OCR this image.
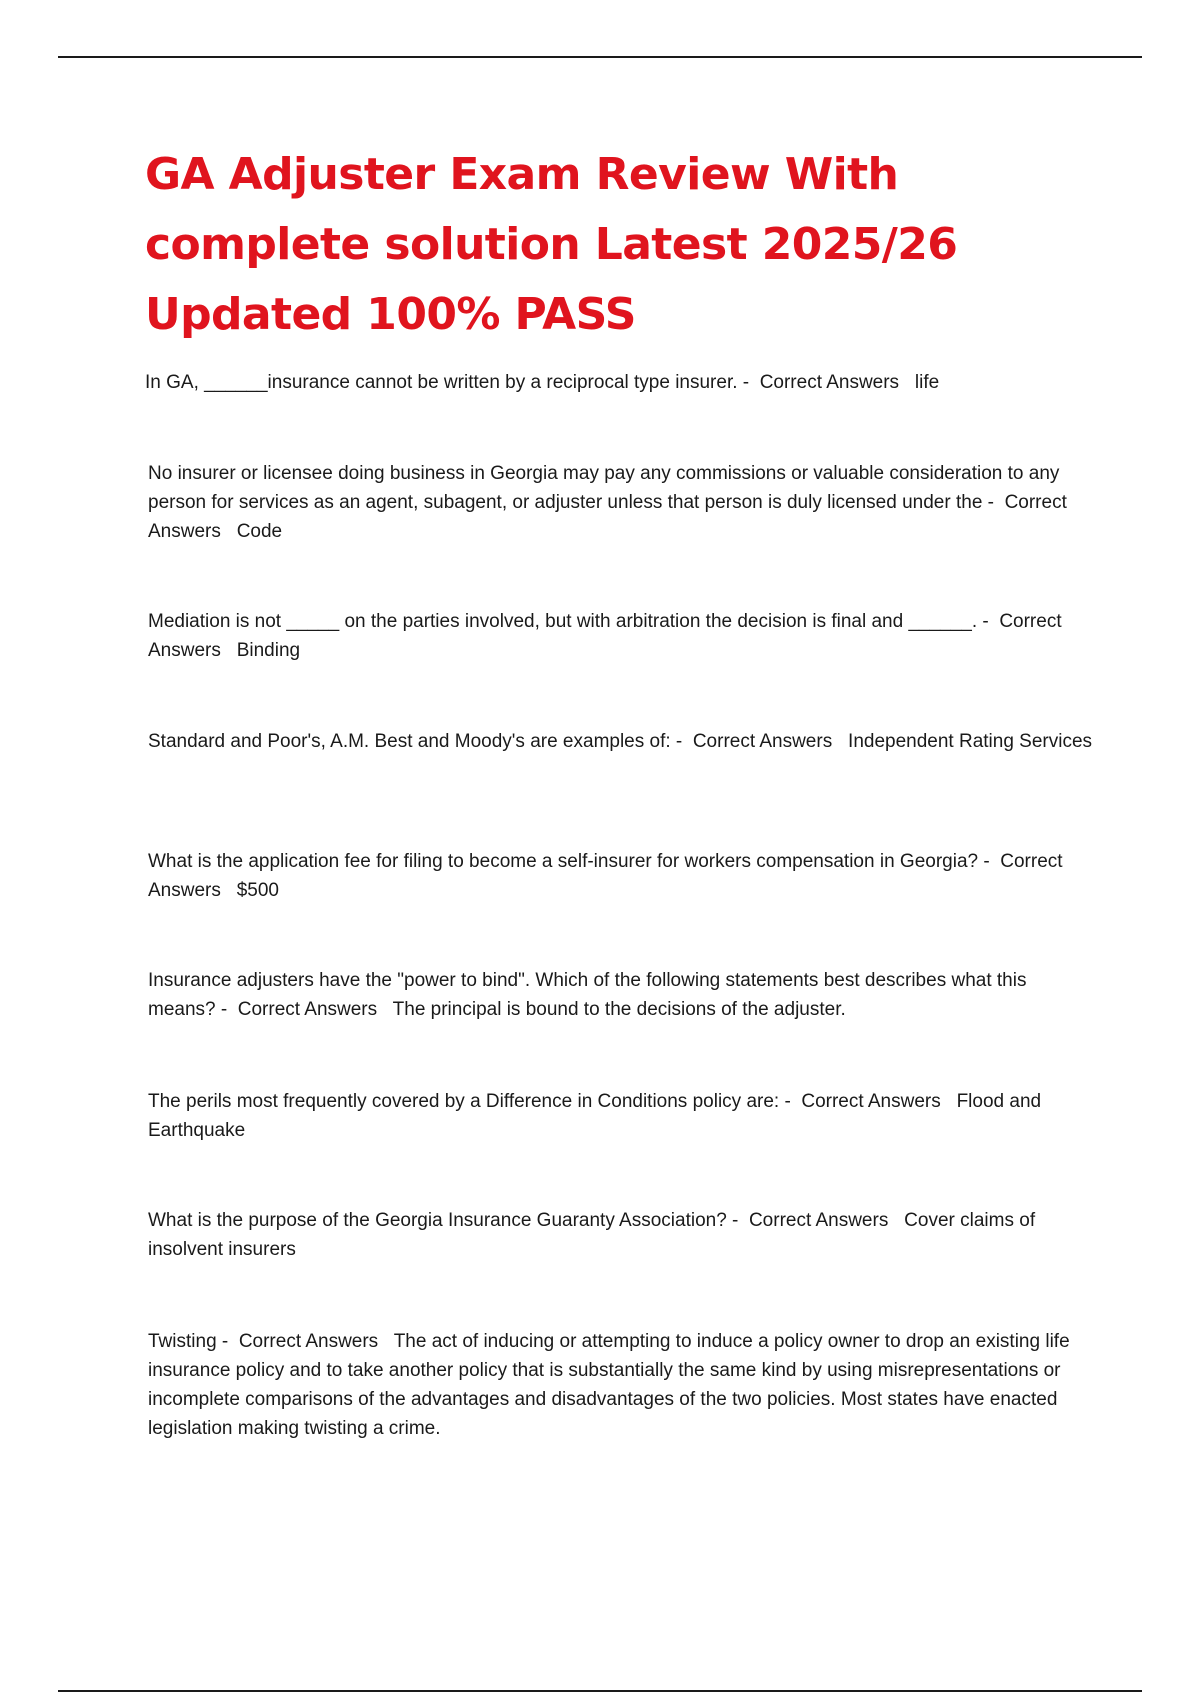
GA Adjuster Exam Review With complete solution Latest 2025/26 Updated 100% PASS

In GA, ______insurance cannot be written by a reciprocal type insurer. - Correct Answers life

No insurer or licensee doing business in Georgia may pay any commissions or valuable consideration to any person for services as an agent, subagent, or adjuster unless that person is duly licensed under the - Correct Answers Code

Mediation is not _____ on the parties involved, but with arbitration the decision is final and ______. - Correct Answers Binding

Standard and Poor's, A.M. Best and Moody's are examples of: - Correct Answers Independent Rating Services

What is the application fee for filing to become a self-insurer for workers compensation in Georgia? - Correct Answers $500

Insurance adjusters have the "power to bind". Which of the following statements best describes what this means? - Correct Answers The principal is bound to the decisions of the adjuster.

The perils most frequently covered by a Difference in Conditions policy are: - Correct Answers Flood and Earthquake

What is the purpose of the Georgia Insurance Guaranty Association? - Correct Answers Cover claims of insolvent insurers

Twisting - Correct Answers The act of inducing or attempting to induce a policy owner to drop an existing life insurance policy and to take another policy that is substantially the same kind by using misrepresentations or incomplete comparisons of the advantages and disadvantages of the two policies. Most states have enacted legislation making twisting a crime.
